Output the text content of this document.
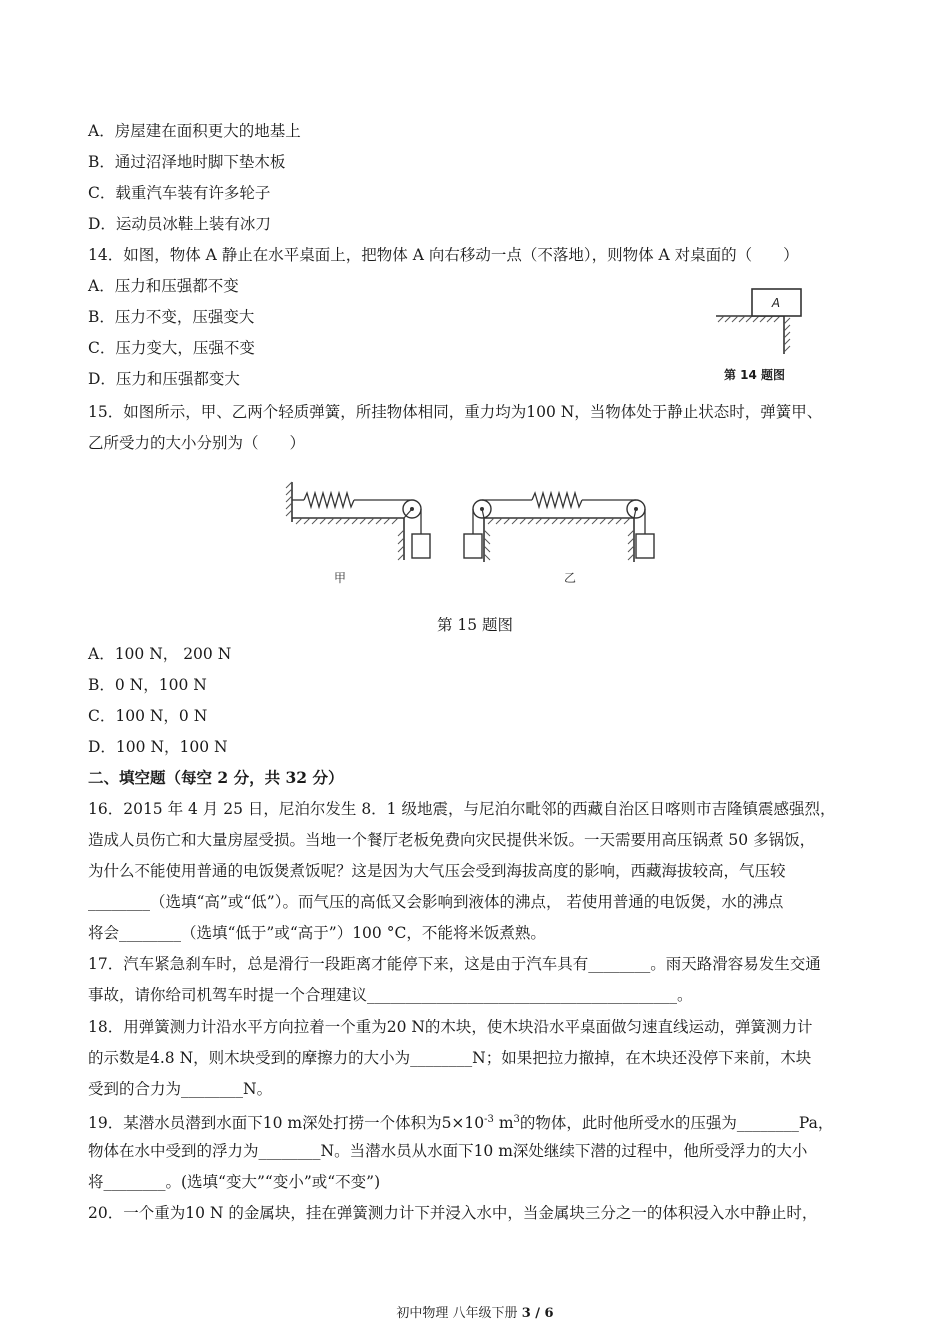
A．房屋建在面积更大的地基上
B．通过沼泽地时脚下垫木板
C．载重汽车装有许多轮子
D．运动员冰鞋上装有冰刀
14．如图，物体 A 静止在水平桌面上，把物体 A 向右移动一点（不落地），则物体 A 对桌面的（　　）
A．压力和压强都不变
B．压力不变，压强变大
C．压力变大，压强不变
D．压力和压强都变大
A
第 14 题图
15．如图所示，甲、乙两个轻质弹簧，所挂物体相同，重力均为100 N，当物体处于静止状态时，弹簧甲、
乙所受力的大小分别为（　　）
甲	乙
第 15 题图
A．100 N， 200 N
B．0 N，100 N
C．100 N，0 N
D．100 N，100 N
二、填空题（每空 2 分，共 32 分）
16．2015 年 4 月 25 日，尼泊尔发生 8．1 级地震，与尼泊尔毗邻的西藏自治区日喀则市吉隆镇震感强烈，
造成人员伤亡和大量房屋受损。当地一个餐厅老板免费向灾民提供米饭。一天需要用高压锅煮 50 多锅饭，
为什么不能使用普通的电饭煲煮饭呢？这是因为大气压会受到海拔高度的影响，西藏海拔较高，气压较
________（选填“高”或“低”）。而气压的高低又会影响到液体的沸点， 若使用普通的电饭煲，水的沸点
将会________（选填“低于”或“高于”）100 °C，不能将米饭煮熟。
17．汽车紧急刹车时，总是滑行一段距离才能停下来，这是由于汽车具有________。雨天路滑容易发生交通
事故，请你给司机驾车时提一个合理建议________________________________________。
18．用弹簧测力计沿水平方向拉着一个重为20 N的木块，使木块沿水平桌面做匀速直线运动，弹簧测力计
的示数是4.8 N，则木块受到的摩擦力的大小为________N；如果把拉力撤掉，在木块还没停下来前，木块
受到的合力为________N。
19．某潜水员潜到水面下10 m深处打捞一个体积为$5\times 10^{-3}$ $m^3$的物体，此时他所受水的压强为________Pa，
物体在水中受到的浮力为________N。当潜水员从水面下10 m深处继续下潜的过程中，他所受浮力的大小
将________。(选填“变大”“变小”或“不变”)
20．一个重为10 N 的金属块，挂在弹簧测力计下并浸入水中，当金属块三分之一的体积浸入水中静止时，
初中物理 八年级下册 3 / 6
